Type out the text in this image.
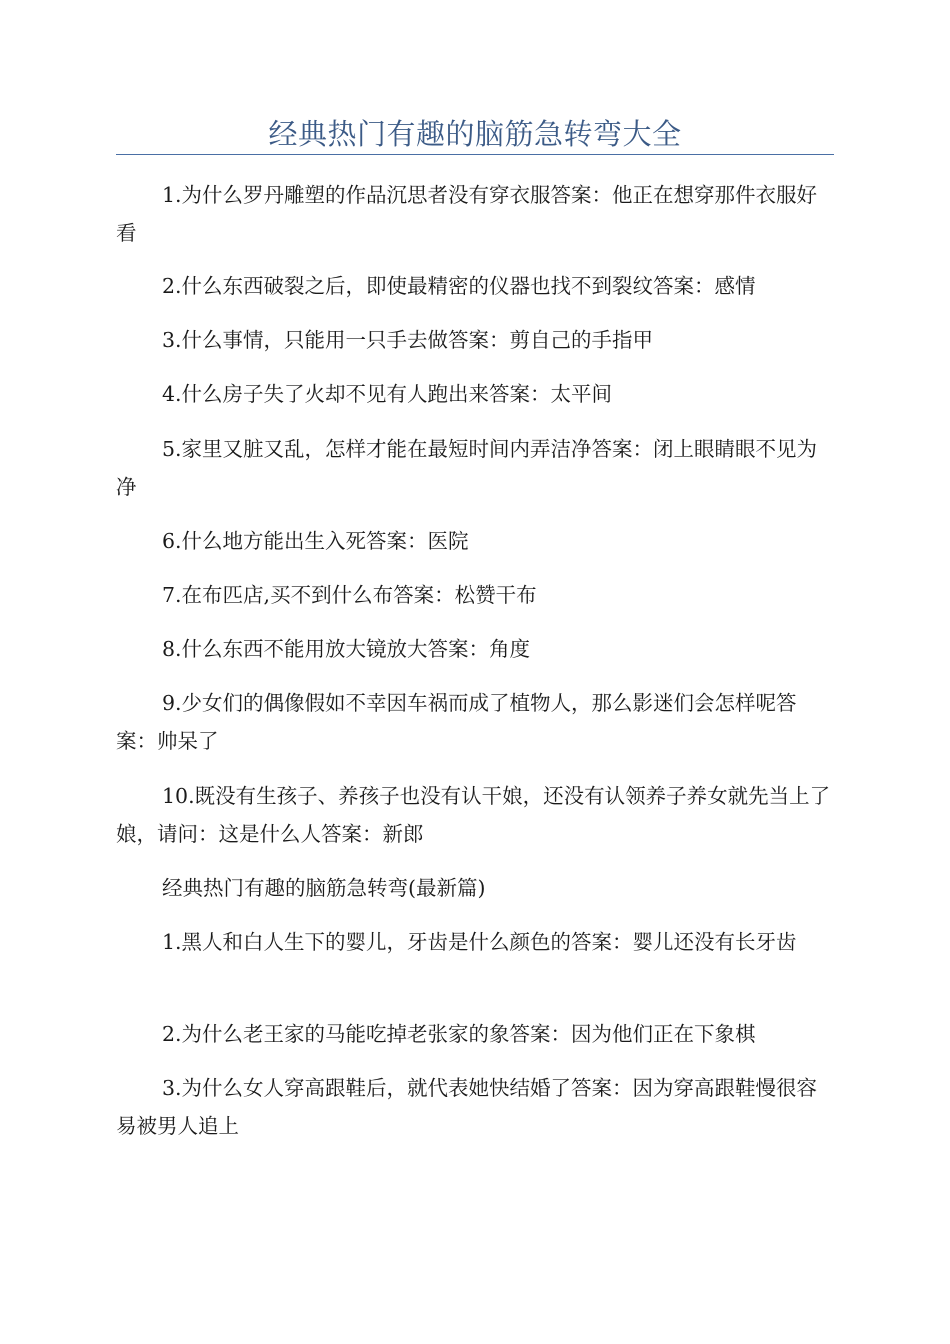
经典热门有趣的脑筋急转弯大全

1.为什么罗丹雕塑的作品沉思者没有穿衣服答案：他正在想穿那件衣服好看

2.什么东西破裂之后，即使最精密的仪器也找不到裂纹答案：感情

3.什么事情，只能用一只手去做答案：剪自己的手指甲

4.什么房子失了火却不见有人跑出来答案：太平间

5.家里又脏又乱，怎样才能在最短时间内弄洁净答案：闭上眼睛眼不见为净

6.什么地方能出生入死答案：医院

7.在布匹店,买不到什么布答案：松赞干布

8.什么东西不能用放大镜放大答案：角度

9.少女们的偶像假如不幸因车祸而成了植物人，那么影迷们会怎样呢答案：帅呆了

10.既没有生孩子、养孩子也没有认干娘，还没有认领养子养女就先当上了娘，请问：这是什么人答案：新郎

经典热门有趣的脑筋急转弯(最新篇)

1.黑人和白人生下的婴儿，牙齿是什么颜色的答案：婴儿还没有长牙齿

2.为什么老王家的马能吃掉老张家的象答案：因为他们正在下象棋

3.为什么女人穿高跟鞋后，就代表她快结婚了答案：因为穿高跟鞋慢很容易被男人追上
